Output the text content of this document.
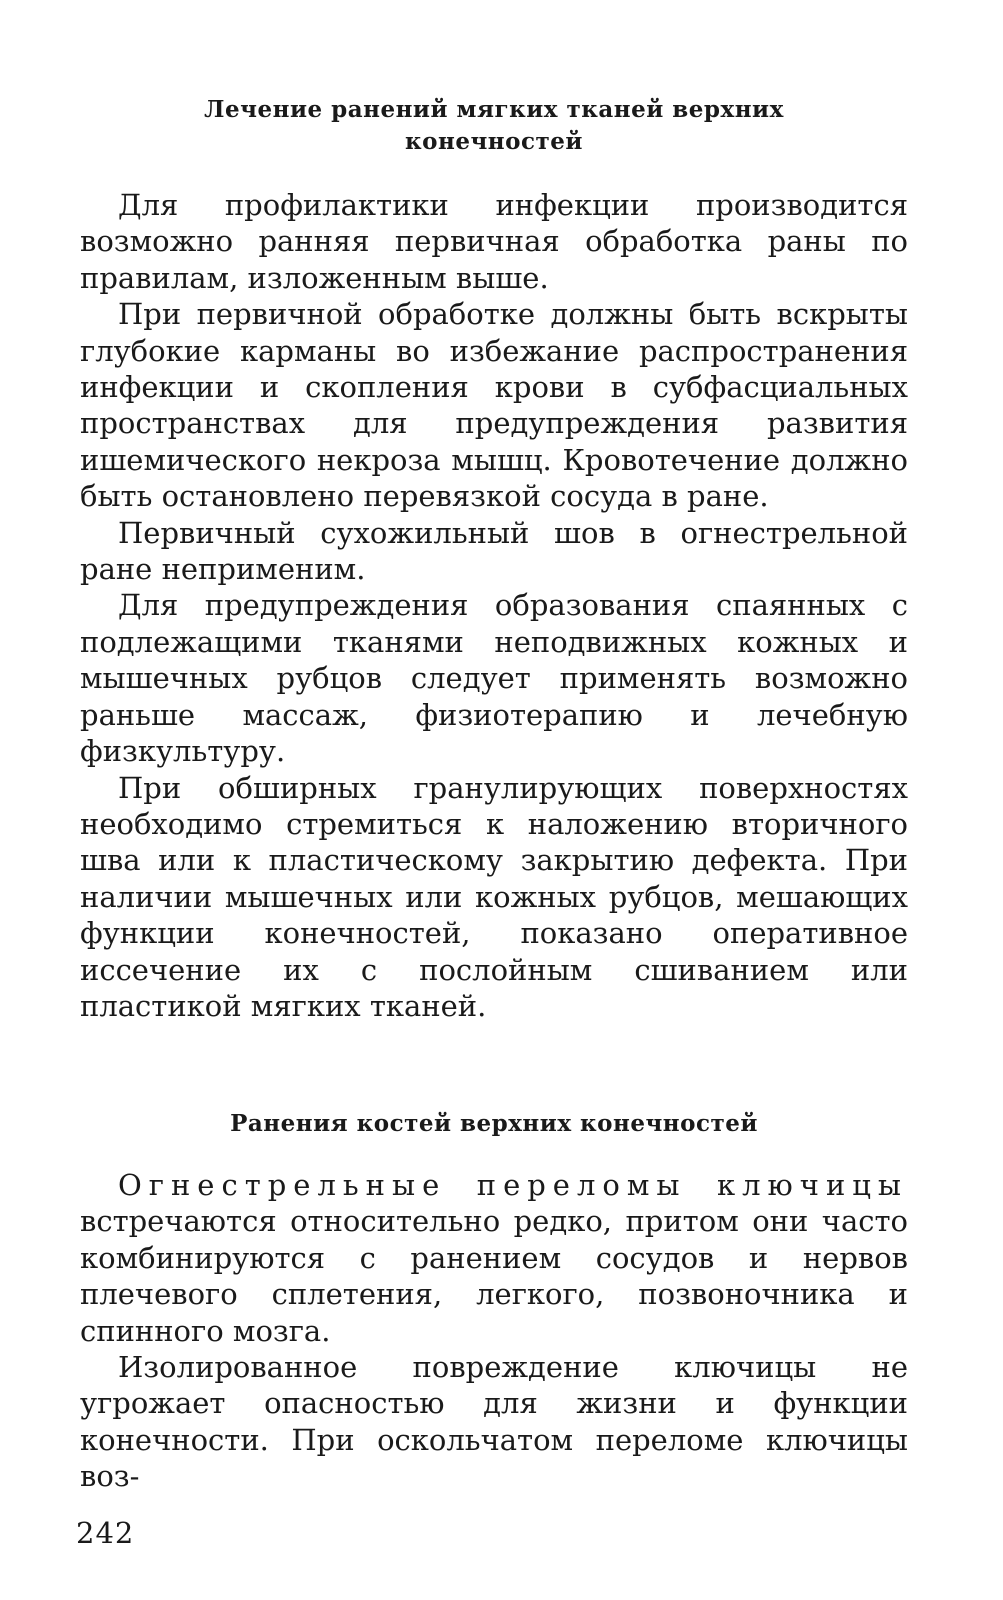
Лечение ранений мягких тканей верхних конечностей

Для профилактики инфекции производится возможно ранняя первичная обработка раны по правилам, изложенным выше.

При первичной обработке должны быть вскрыты глубокие карманы во избежание распространения инфекции и скопления крови в субфасциальных пространствах для предупреждения развития ишемического некроза мышц. Кровотечение должно быть остановлено перевязкой сосуда в ране.

Первичный сухожильный шов в огнестрельной ране неприменим.

Для предупреждения образования спаянных с подлежащими тканями неподвижных кожных и мышечных рубцов следует применять возможно раньше массаж, физиотерапию и лечебную физкультуру.

При обширных гранулирующих поверхностях необходимо стремиться к наложению вторичного шва или к пластическому закрытию дефекта. При наличии мышечных или кожных рубцов, мешающих функции конечностей, показано оперативное иссечение их с послойным сшиванием или пластикой мягких тканей.

Ранения костей верхних конечностей

Огнестрельные переломы ключицы встречаются относительно редко, притом они часто комбинируются с ранением сосудов и нервов плечевого сплетения, легкого, позвоночника и спинного мозга.

Изолированное повреждение ключицы не угрожает опасностью для жизни и функции конечности. При оскольчатом переломе ключицы воз-

242
